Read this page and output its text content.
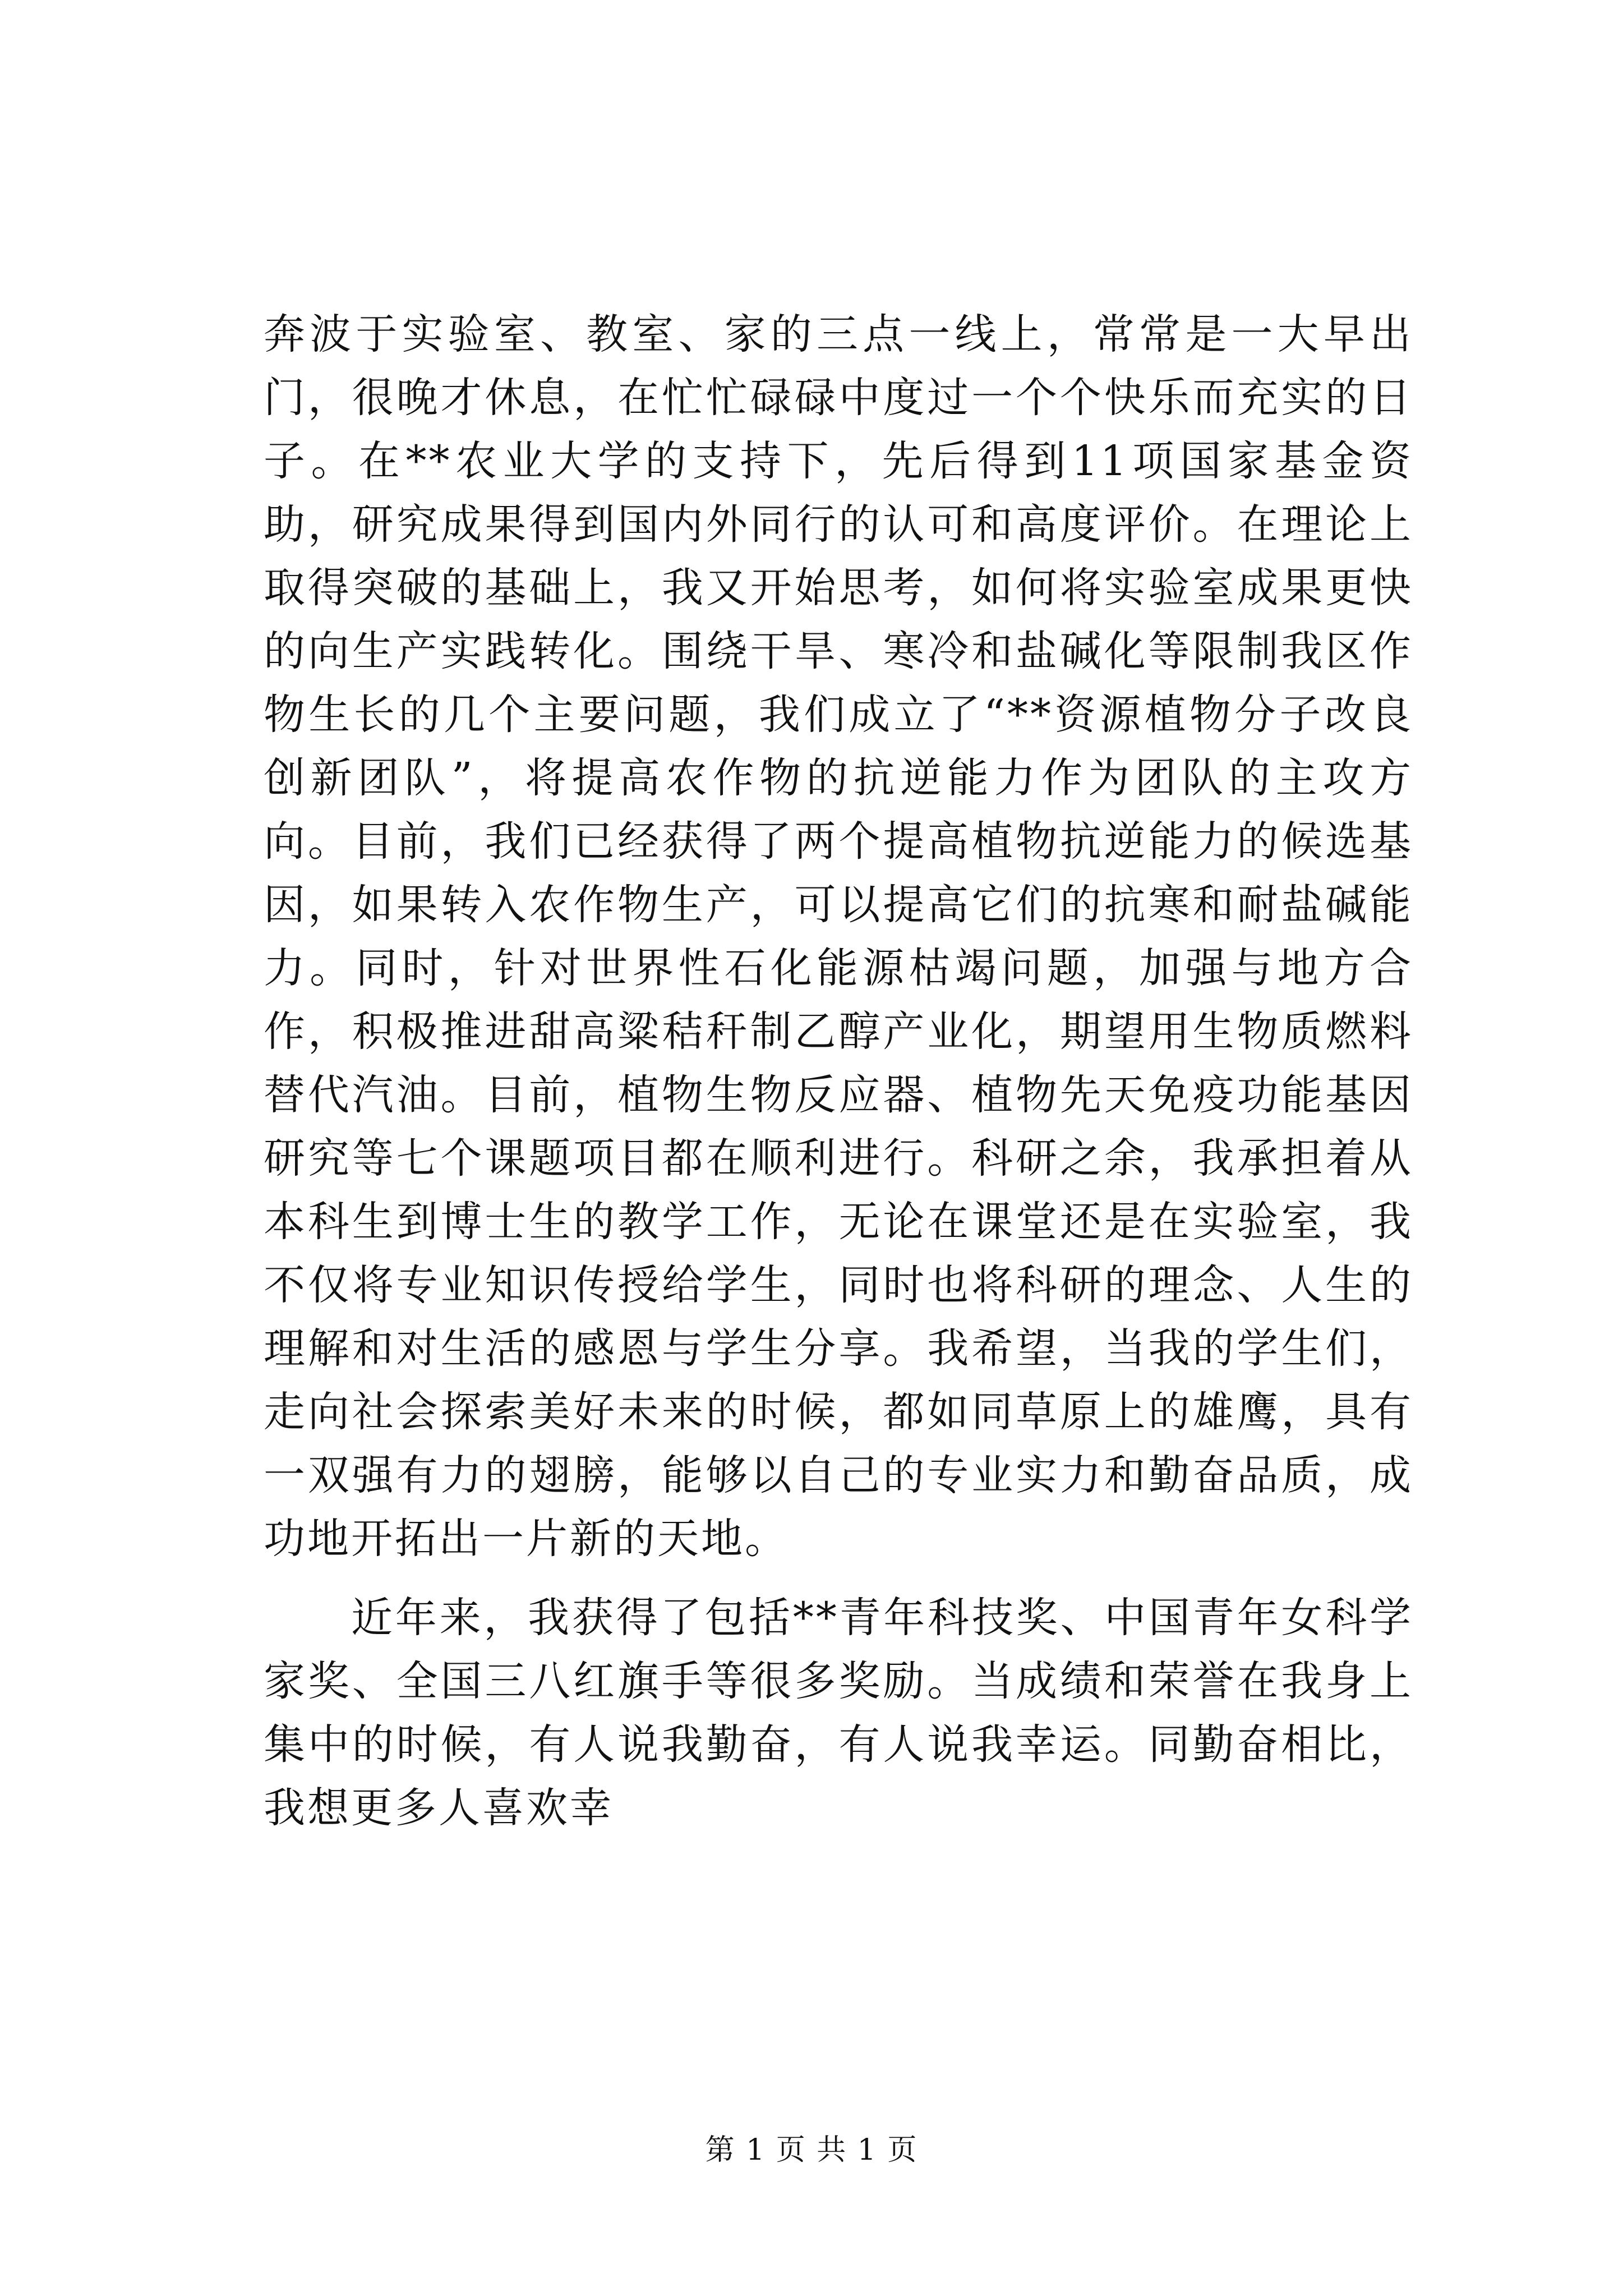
奔波于实验室、教室、家的三点一线上，常常是一大早出门，很晚才休息，在忙忙碌碌中度过一个个快乐而充实的日子。在**农业大学的支持下，先后得到11项国家基金资助，研究成果得到国内外同行的认可和高度评价。在理论上取得突破的基础上，我又开始思考，如何将实验室成果更快的向生产实践转化。围绕干旱、寒冷和盐碱化等限制我区作物生长的几个主要问题，我们成立了“**资源植物分子改良创新团队”，将提高农作物的抗逆能力作为团队的主攻方向。目前，我们已经获得了两个提高植物抗逆能力的候选基因，如果转入农作物生产，可以提高它们的抗寒和耐盐碱能力。同时，针对世界性石化能源枯竭问题，加强与地方合作，积极推进甜高粱秸秆制乙醇产业化，期望用生物质燃料替代汽油。目前，植物生物反应器、植物先天免疫功能基因研究等七个课题项目都在顺利进行。科研之余，我承担着从本科生到博士生的教学工作，无论在课堂还是在实验室，我不仅将专业知识传授给学生，同时也将科研的理念、人生的理解和对生活的感恩与学生分享。我希望，当我的学生们，走向社会探索美好未来的时候，都如同草原上的雄鹰，具有一双强有力的翅膀，能够以自己的专业实力和勤奋品质，成功地开拓出一片新的天地。

近年来，我获得了包括**青年科技奖、中国青年女科学家奖、全国三八红旗手等很多奖励。当成绩和荣誉在我身上集中的时候，有人说我勤奋，有人说我幸运。同勤奋相比，我想更多人喜欢幸

第 1 页 共 1 页
